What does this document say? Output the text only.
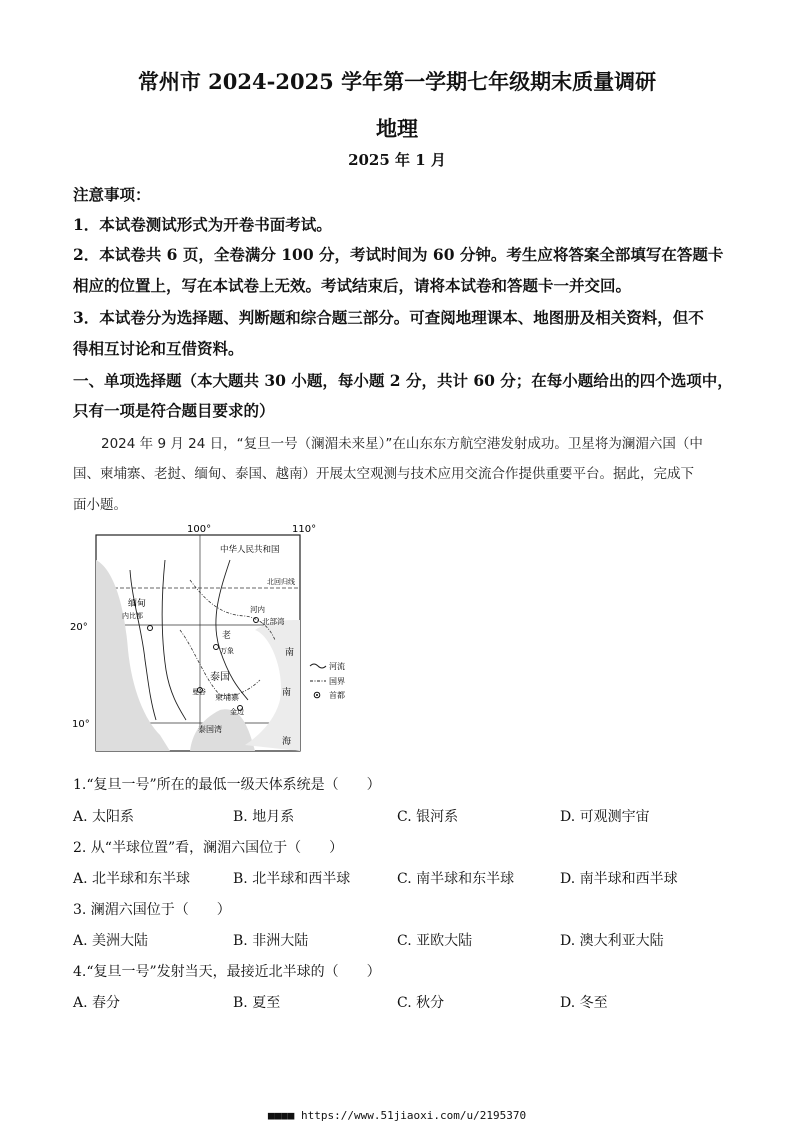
常州市 2024-2025 学年第一学期七年级期末质量调研
地理
2025 年 1 月
注意事项：
1．本试卷测试形式为开卷书面考试。
2．本试卷共 6 页，全卷满分 100 分，考试时间为 60 分钟。考生应将答案全部填写在答题卡
相应的位置上，写在本试卷上无效。考试结束后，请将本试卷和答题卡一并交回。
3．本试卷分为选择题、判断题和综合题三部分。可查阅地理课本、地图册及相关资料，但不
得相互讨论和互借资料。
一、单项选择题（本大题共 30 小题，每小题 2 分，共计 60 分；在每小题给出的四个选项中，
只有一项是符合题目要求的）
2024 年 9 月 24 日，“复旦一号（澜湄未来星）”在山东东方航空港发射成功。卫星将为澜湄六国（中
国、柬埔寨、老挝、缅甸、泰国、越南）开展太空观测与技术应用交流合作提供重要平台。据此，完成下
面小题。
100°	110°
20°
10°
中华人民共和国
北回归线
缅甸
内比都
河内
北部湾
老
万象
泰国
曼谷
柬埔寨
金边
南
南
海
泰国湾
河流
国界
首都
1.“复旦一号”所在的最低一级天体系统是（　　）
A. 太阳系	B. 地月系	C. 银河系	D. 可观测宇宙
2. 从“半球位置”看，澜湄六国位于（　　）
A. 北半球和东半球	B. 北半球和西半球	C. 南半球和东半球	D. 南半球和西半球
3. 澜湄六国位于（　　）
A. 美洲大陆	B. 非洲大陆	C. 亚欧大陆	D. 澳大利亚大陆
4.“复旦一号”发射当天，最接近北半球的（　　）
A. 春分	B. 夏至	C. 秋分	D. 冬至
■■■■ https://www.51jiaoxi.com/u/2195370
